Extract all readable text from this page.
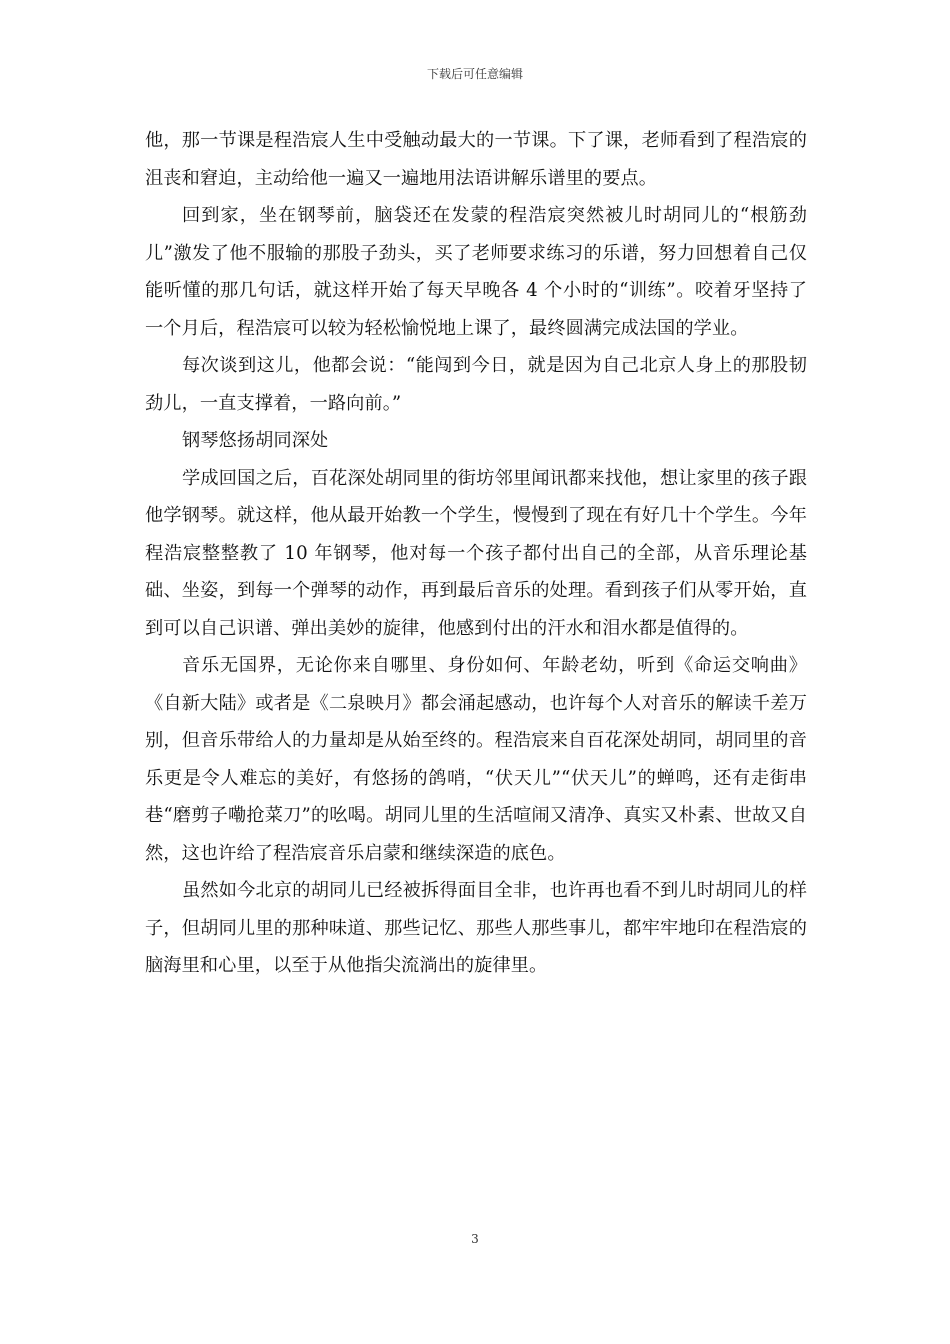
下载后可任意编辑

他，那一节课是程浩宸人生中受触动最大的一节课。下了课，老师看到了程浩宸的沮丧和窘迫，主动给他一遍又一遍地用法语讲解乐谱里的要点。

回到家，坐在钢琴前，脑袋还在发蒙的程浩宸突然被儿时胡同儿的“根筋劲儿”激发了他不服输的那股子劲头，买了老师要求练习的乐谱，努力回想着自己仅能听懂的那几句话，就这样开始了每天早晚各 4 个小时的“训练”。咬着牙坚持了一个月后，程浩宸可以较为轻松愉悦地上课了，最终圆满完成法国的学业。

每次谈到这儿，他都会说：“能闯到今日，就是因为自己北京人身上的那股韧劲儿，一直支撑着，一路向前。”

钢琴悠扬胡同深处

学成回国之后，百花深处胡同里的街坊邻里闻讯都来找他，想让家里的孩子跟他学钢琴。就这样，他从最开始教一个学生，慢慢到了现在有好几十个学生。今年程浩宸整整教了 10 年钢琴，他对每一个孩子都付出自己的全部，从音乐理论基础、坐姿，到每一个弹琴的动作，再到最后音乐的处理。看到孩子们从零开始，直到可以自己识谱、弹出美妙的旋律，他感到付出的汗水和泪水都是值得的。

音乐无国界，无论你来自哪里、身份如何、年龄老幼，听到《命运交响曲》《自新大陆》或者是《二泉映月》都会涌起感动，也许每个人对音乐的解读千差万别，但音乐带给人的力量却是从始至终的。程浩宸来自百花深处胡同，胡同里的音乐更是令人难忘的美好，有悠扬的鸽哨，“伏天儿”“伏天儿”的蝉鸣，还有走街串巷“磨剪子嘞抢菜刀”的吆喝。胡同儿里的生活喧闹又清净、真实又朴素、世故又自然，这也许给了程浩宸音乐启蒙和继续深造的底色。

虽然如今北京的胡同儿已经被拆得面目全非，也许再也看不到儿时胡同儿的样子，但胡同儿里的那种味道、那些记忆、那些人那些事儿，都牢牢地印在程浩宸的脑海里和心里，以至于从他指尖流淌出的旋律里。

3
